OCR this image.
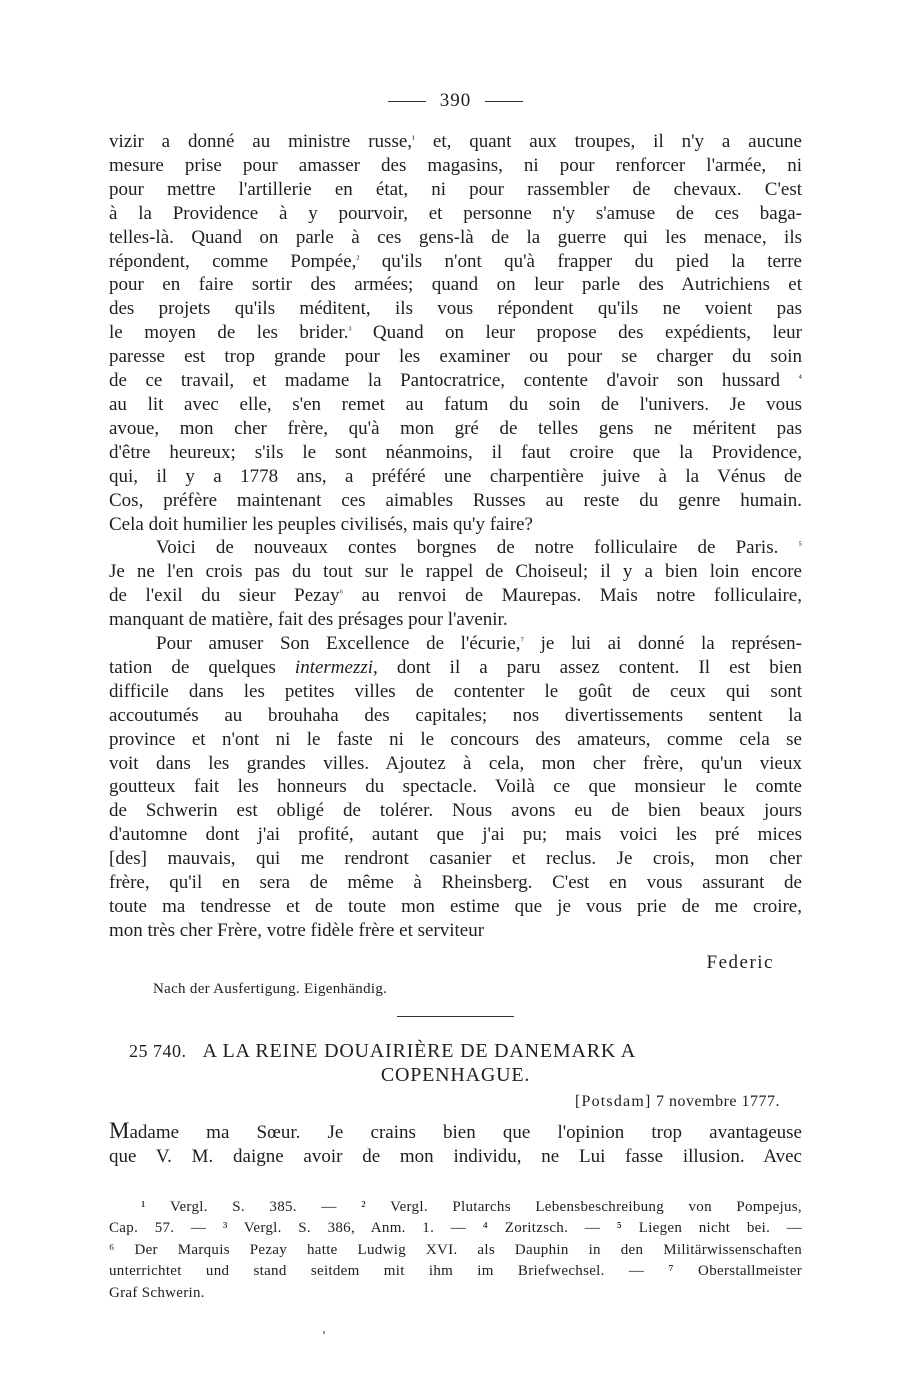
390
vizir a donné au ministre russe,$^{^1}$ et, quant aux troupes, il n'y a aucune
mesure prise pour amasser des magasins, ni pour renforcer l'armée, ni
pour mettre l'artillerie en état, ni pour rassembler de chevaux. C'est
à la Providence à y pourvoir, et personne n'y s'amuse de ces baga-
telles-là. Quand on parle à ces gens-là de la guerre qui les menace, ils
répondent, comme Pompée,$^{^2}$ qu'ils n'ont qu'à frapper du pied la terre
pour en faire sortir des armées; quand on leur parle des Autrichiens et
des projets qu'ils méditent, ils vous répondent qu'ils ne voient pas
le moyen de les brider.$^{^3}$ Quand on leur propose des expédients, leur
paresse est trop grande pour les examiner ou pour se charger du soin
de ce travail, et madame la Pantocratrice, contente d'avoir son hussard $^{^4}$
au lit avec elle, s'en remet au fatum du soin de l'univers. Je vous
avoue, mon cher frère, qu'à mon gré de telles gens ne méritent pas
d'être heureux; s'ils le sont néanmoins, il faut croire que la Providence,
qui, il y a 1778 ans, a préféré une charpentière juive à la Vénus de
Cos, préfère maintenant ces aimables Russes au reste du genre humain.
Cela doit humilier les peuples civilisés, mais qu'y faire?
Voici de nouveaux contes borgnes de notre folliculaire de Paris. $^{^5}$
Je ne l'en crois pas du tout sur le rappel de Choiseul; il y a bien loin encore
de l'exil du sieur Pezay$^{^6}$ au renvoi de Maurepas. Mais notre folliculaire,
manquant de matière, fait des présages pour l'avenir.
Pour amuser Son Excellence de l'écurie,$^{^7}$ je lui ai donné la représen-
tation de quelques intermezzi, dont il a paru assez content. Il est bien
difficile dans les petites villes de contenter le goût de ceux qui sont
accoutumés au brouhaha des capitales; nos divertissements sentent la
province et n'ont ni le faste ni le concours des amateurs, comme cela se
voit dans les grandes villes. Ajoutez à cela, mon cher frère, qu'un vieux
goutteux fait les honneurs du spectacle. Voilà ce que monsieur le comte
de Schwerin est obligé de tolérer. Nous avons eu de bien beaux jours
d'automne dont j'ai profité, autant que j'ai pu; mais voici les pré mices
[des] mauvais, qui me rendront casanier et reclus. Je crois, mon cher
frère, qu'il en sera de même à Rheinsberg. C'est en vous assurant de
toute ma tendresse et de toute mon estime que je vous prie de me croire,
mon très cher Frère, votre fidèle frère et serviteur
Federic
Nach der Ausfertigung. Eigenhändig.
25 740. A LA REINE DOUAIRIÈRE DE DANEMARK A
COPENHAGUE.
[Potsdam] 7 novembre 1777.
Madame ma Sœur. Je crains bien que l'opinion trop avantageuse
que V. M. daigne avoir de mon individu, ne Lui fasse illusion. Avec
¹ Vergl. S. 385. — ² Vergl. Plutarchs Lebensbeschreibung von Pompejus,
Cap. 57. — ³ Vergl. S. 386, Anm. 1. — ⁴ Zoritzsch. — ⁵ Liegen nicht bei. —
⁶ Der Marquis Pezay hatte Ludwig XVI. als Dauphin in den Militärwissenschaften
unterrichtet und stand seitdem mit ihm im Briefwechsel. — ⁷ Oberstallmeister
Graf Schwerin.
